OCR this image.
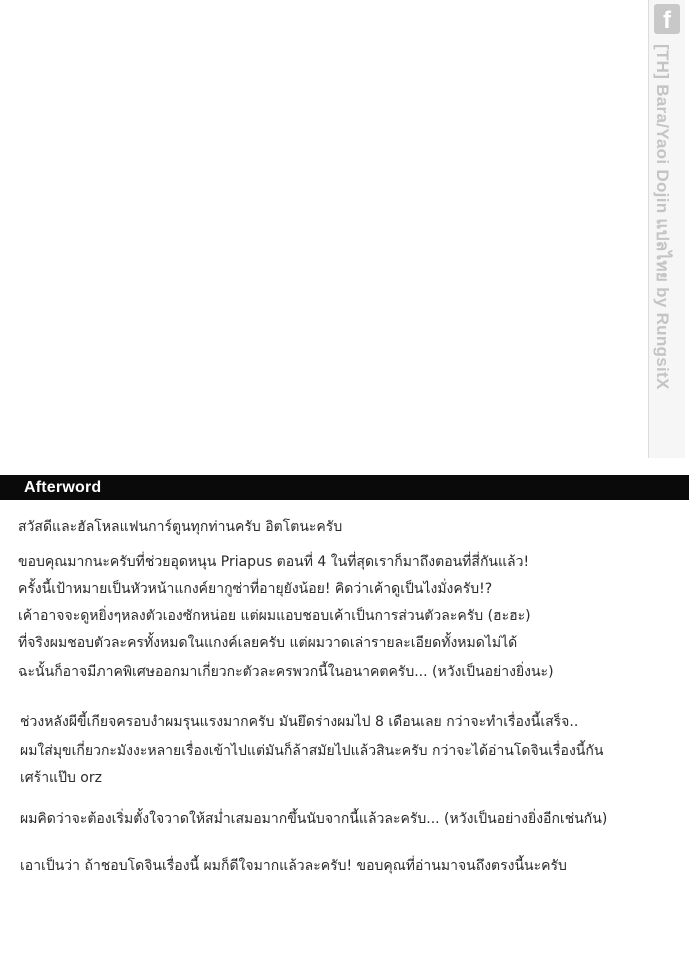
f
[TH] Bara/Yaoi Dojin แปลไทย by RungsitX
Afterword
สวัสดีและฮัลโหลแฟนการ์ตูนทุกท่านครับ อิตโตนะครับ
ขอบคุณมากนะครับที่ช่วยอุดหนุน Priapus ตอนที่ 4 ในที่สุดเราก็มาถึงตอนที่สี่กันแล้ว!
ครั้งนี้เป้าหมายเป็นหัวหน้าแกงค์ยากูซ่าที่อายุยังน้อย! คิดว่าเค้าดูเป็นไงมั่งครับ!?
เค้าอาจจะดูหยิ่งๆหลงตัวเองซักหน่อย แต่ผมแอบชอบเค้าเป็นการส่วนตัวละครับ (ฮะฮะ)
ที่จริงผมชอบตัวละครทั้งหมดในแกงค์เลยครับ แต่ผมวาดเล่ารายละเอียดทั้งหมดไม่ได้
ฉะนั้นก็อาจมีภาคพิเศษออกมาเกี่ยวกะตัวละครพวกนี้ในอนาคตครับ... (หวังเป็นอย่างยิ่งนะ)
ช่วงหลังผีขี้เกียจครอบงำผมรุนแรงมากครับ มันยึดร่างผมไป 8 เดือนเลย กว่าจะทำเรื่องนี้เสร็จ..
ผมใส่มุขเกี่ยวกะมังงะหลายเรื่องเข้าไปแต่มันก็ล้าสมัยไปแล้วสินะครับ กว่าจะได้อ่านโดจินเรื่องนี้กัน
เศร้าแป๊บ orz
ผมคิดว่าจะต้องเริ่มตั้งใจวาดให้สม่ำเสมอมากขึ้นนับจากนี้แล้วละครับ... (หวังเป็นอย่างยิ่งอีกเช่นกัน)
เอาเป็นว่า ถ้าชอบโดจินเรื่องนี้ ผมก็ดีใจมากแล้วละครับ! ขอบคุณที่อ่านมาจนถึงตรงนี้นะครับ
